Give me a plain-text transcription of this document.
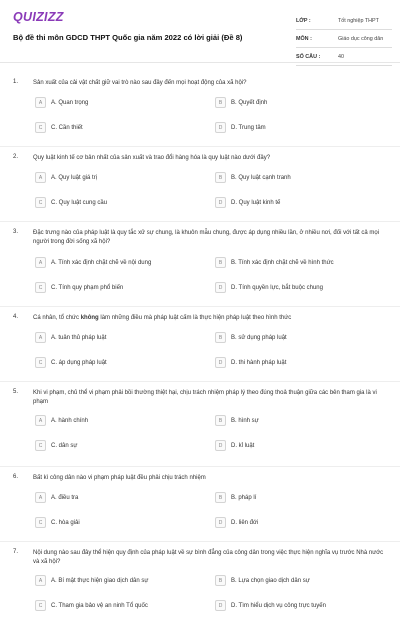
QUIZIZZ
Bộ đề thi môn GDCD THPT Quốc gia năm 2022 có lời giải (Đề 8)
LỚP :	Tốt nghiệp THPT
MÔN :	Giáo dục công dân
SỐ CÂU :	40
1. Sản xuất của cải vật chất giữ vai trò nào sau đây đến mọi hoạt động của xã hội?
A	A. Quan trọng	B	B. Quyết định
C	C. Cần thiết	D	D. Trung tâm
2. Quy luật kinh tế cơ bản nhất của sản xuất và trao đổi hàng hóa là quy luật nào dưới đây?
A	A. Quy luật giá trị	B	B. Quy luật cạnh tranh
C	C. Quy luật cung cầu	D	D. Quy luật kinh tế
3. Đặc trưng nào của pháp luật là quy tắc xử sự chung, là khuôn mẫu chung, được áp dụng nhiều lần, ở nhiều nơi, đối với tất cả mọi người trong đời sống xã hội?
A	A. Tính xác định chặt chẽ về nội dung	B	B. Tính xác định chặt chẽ về hình thức
C	C. Tính quy phạm phổ biến	D	D. Tính quyền lực, bắt buộc chung
4. Cá nhân, tổ chức không làm những điều mà pháp luật cấm là thực hiện pháp luật theo hình thức
A	A. tuân thủ pháp luật	B	B. sử dụng pháp luật
C	C. áp dụng pháp luật	D	D. thi hành pháp luật
5. Khi vi phạm, chủ thể vi phạm phải bồi thường thiệt hại, chịu trách nhiệm pháp lý theo đúng thoả thuận giữa các bên tham gia là vi phạm
A	A. hành chính	B	B. hình sự
C	C. dân sự	D	D. kỉ luật
6. Bất kì công dân nào vi phạm pháp luật đều phải chịu trách nhiệm
A	A. điều tra	B	B. pháp lí
C	C. hòa giải	D	D. liên đới
7. Nội dung nào sau đây thể hiện quy định của pháp luật về sự bình đẳng của công dân trong việc thực hiện nghĩa vụ trước Nhà nước và xã hội?
A	A. Bí mật thực hiện giao dịch dân sự	B	B. Lựa chọn giao dịch dân sự
C	C. Tham gia bảo vệ an ninh Tổ quốc	D	D. Tìm hiểu dịch vụ công trực tuyến
